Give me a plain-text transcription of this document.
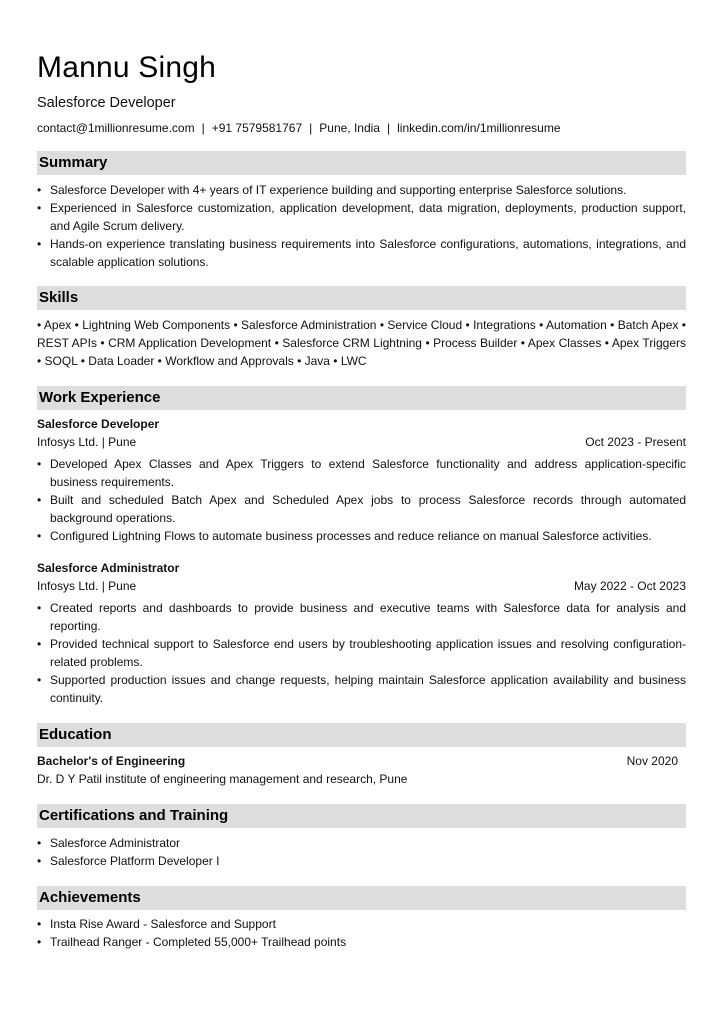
Mannu Singh
Salesforce Developer
contact@1millionresume.com | +91 7579581767 | Pune, India | linkedin.com/in/1millionresume
Summary
• Salesforce Developer with 4+ years of IT experience building and supporting enterprise Salesforce solutions.
• Experienced in Salesforce customization, application development, data migration, deployments, production support, and Agile Scrum delivery.
• Hands-on experience translating business requirements into Salesforce configurations, automations, integrations, and scalable application solutions.
Skills
• Apex • Lightning Web Components • Salesforce Administration • Service Cloud • Integrations • Automation • Batch Apex • REST APIs • CRM Application Development • Salesforce CRM Lightning • Process Builder • Apex Classes • Apex Triggers • SOQL • Data Loader • Workflow and Approvals • Java • LWC
Work Experience
Salesforce Developer
Infosys Ltd. | Pune	Oct 2023 - Present
• Developed Apex Classes and Apex Triggers to extend Salesforce functionality and address application-specific business requirements.
• Built and scheduled Batch Apex and Scheduled Apex jobs to process Salesforce records through automated background operations.
• Configured Lightning Flows to automate business processes and reduce reliance on manual Salesforce activities.
Salesforce Administrator
Infosys Ltd. | Pune	May 2022 - Oct 2023
• Created reports and dashboards to provide business and executive teams with Salesforce data for analysis and reporting.
• Provided technical support to Salesforce end users by troubleshooting application issues and resolving configuration-related problems.
• Supported production issues and change requests, helping maintain Salesforce application availability and business continuity.
Education
Bachelor's of Engineering	Nov 2020
Dr. D Y Patil institute of engineering management and research, Pune
Certifications and Training
• Salesforce Administrator
• Salesforce Platform Developer I
Achievements
• Insta Rise Award - Salesforce and Support
• Trailhead Ranger - Completed 55,000+ Trailhead points
